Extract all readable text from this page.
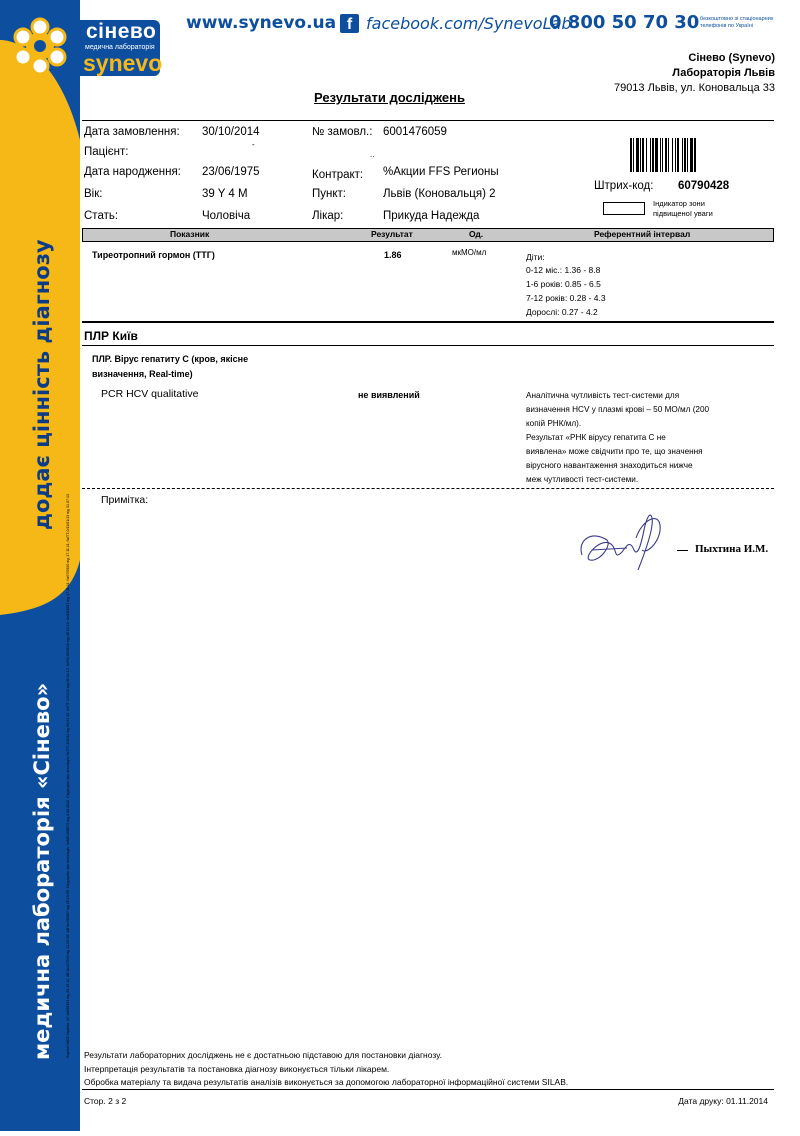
додає цінність діагнозу
медична лабораторія «Сінево»	Ліцензії МОЗ України: АГ №599151 від 26.12.11; АВ №447845 від 12.03.09; АВ №492997 від 25.10.09. Свідоцтво про атестацію: №МЗ-008872 від 2.08.2012. Свідоцтво про атестацію № ПТ-1/2012 від 06.04.12; №ПТ-1/21/12 від 06.04.12; №РО-0045/10 від 05.10.10; №0011081 від 17.11.11; №07/0930 від 17.11.11; №ПТ-0/11/01/13 від 31.07.13
сінево
медична лабораторія
synevo
www.synevo.ua f facebook.com/SynevoLab
0 800 50 70 30 безкоштовно зі стаціонарних
телефонів по Україні
Сінево (Synevo)
Лабораторія Львів
79013 Львів, ул. Коновальца 33
Результати досліджень
Дата замовлення: 30/10/2014	№ замовл.: 6001476059
Пацієнт:
-
..
Дата народження: 23/06/1975	Контракт: %Акции FFS Регионы
Вік:	39 Y 4 M	Пункт:	Львів (Коновальця) 2
Стать:	Чоловіча	Лікар:	Прикуда Надежда
Штрих-код: 60790428
Індикатор зони
підвищеної уваги
Показник	Результат	Од.	Референтний інтервал
Тиреотропний гормон (ТТГ)	1.86	мкМО/мл	Діти:
0-12 міс.: 1.36 - 8.8
1-6 років: 0.85 - 6.5
7-12 років: 0.28 - 4.3
Дорослі: 0.27 - 4.2
ПЛР Київ
ПЛР. Вірус гепатиту С (кров, якісне
визначення, Real-time)
PCR HCV qualitative	не виявлений	Аналітична чутливість тест-системи для
визначення HCV у плазмі крові – 50 МО/мл (200
копій РНК/мл).
Результат «РНК вірусу гепатита С не
виявлена» може свідчити про те, що значення
вірусного навантаження знаходиться нижче
меж чутливості тест-системи.
Примітка:
Пыхтина И.М.
Результати лабораторних досліджень не є достатньою підставою для постановки діагнозу.
Інтерпретація результатів та постановка діагнозу виконується тільки лікарем.
Обробка матеріалу та видача результатів аналізів виконується за допомогою лабораторної інформаційної системи SILAB.
Стор. 2 з 2	Дата друку: 01.11.2014
